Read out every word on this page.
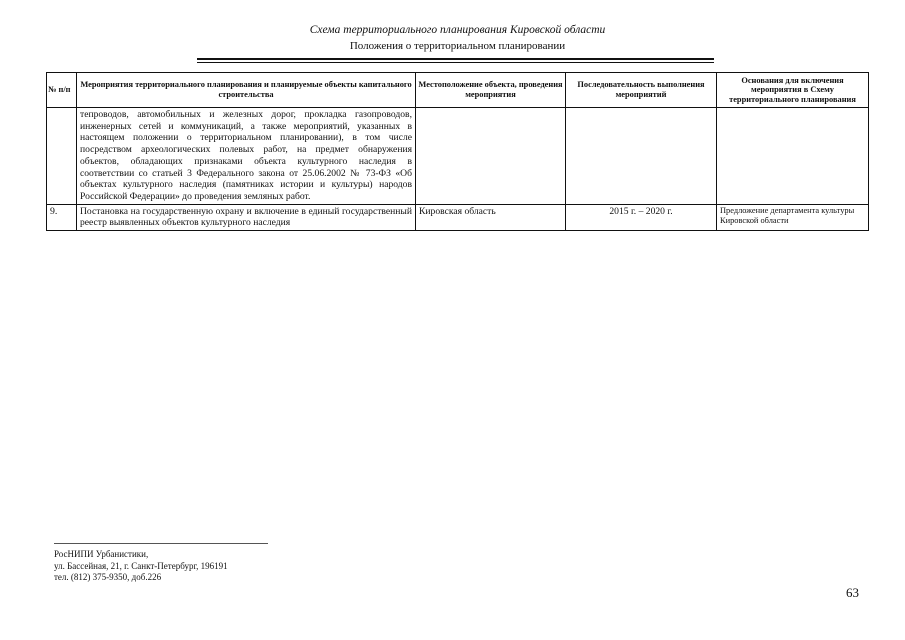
Схема территориального планирования Кировской области
Положения о территориальном планировании
№ п/п	Мероприятия территориального планирования и планируемые объекты капитального строительства	Местоположение объекта, проведения мероприятия	Последовательность выполнения мероприятий	Основания для включения мероприятия в Схему территориального планирования
	тепроводов, автомобильных и железных дорог, прокладка газопроводов, инженерных сетей и коммуникаций, а также мероприятий, указанных в настоящем положении о территориальном планировании), в том числе посредством археологических полевых работ, на предмет обнаружения объектов, обладающих признаками объекта культурного наследия в соответствии со статьей 3 Федерального закона от 25.06.2002 № 73-ФЗ «Об объектах культурного наследия (памятниках истории и культуры) народов Российской Федерации» до проведения земляных работ.			
9.	Постановка на государственную охрану и включение в единый государственный реестр выявленных объектов культурного наследия	Кировская область	2015 г. – 2020 г.	Предложение департамента культуры Кировской области
РосНИПИ Урбанистики,
ул. Бассейная, 21, г. Санкт-Петербург, 196191
тел. (812) 375-9350, доб.226
63
